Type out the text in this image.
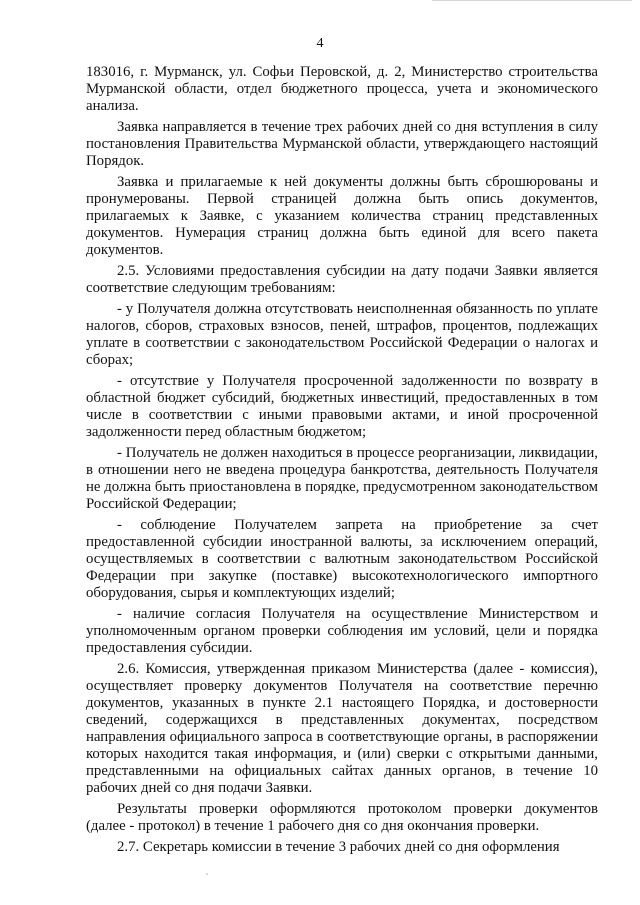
4

183016, г. Мурманск, ул. Софьи Перовской, д. 2, Министерство строительства Мурманской области, отдел бюджетного процесса, учета и экономического анализа.

Заявка направляется в течение трех рабочих дней со дня вступления в силу постановления Правительства Мурманской области, утверждающего настоящий Порядок.

Заявка и прилагаемые к ней документы должны быть сброшюрованы и пронумерованы. Первой страницей должна быть опись документов, прилагаемых к Заявке, с указанием количества страниц представленных документов. Нумерация страниц должна быть единой для всего пакета документов.

2.5. Условиями предоставления субсидии на дату подачи Заявки является соответствие следующим требованиям:

- у Получателя должна отсутствовать неисполненная обязанность по уплате налогов, сборов, страховых взносов, пеней, штрафов, процентов, подлежащих уплате в соответствии с законодательством Российской Федерации о налогах и сборах;

- отсутствие у Получателя просроченной задолженности по возврату в областной бюджет субсидий, бюджетных инвестиций, предоставленных в том числе в соответствии с иными правовыми актами, и иной просроченной задолженности перед областным бюджетом;

- Получатель не должен находиться в процессе реорганизации, ликвидации, в отношении него не введена процедура банкротства, деятельность Получателя не должна быть приостановлена в порядке, предусмотренном законодательством Российской Федерации;

- соблюдение Получателем запрета на приобретение за счет предоставленной субсидии иностранной валюты, за исключением операций, осуществляемых в соответствии с валютным законодательством Российской Федерации при закупке (поставке) высокотехнологического импортного оборудования, сырья и комплектующих изделий;

- наличие согласия Получателя на осуществление Министерством и уполномоченным органом проверки соблюдения им условий, цели и порядка предоставления субсидии.

2.6. Комиссия, утвержденная приказом Министерства (далее - комиссия), осуществляет проверку документов Получателя на соответствие перечню документов, указанных в пункте 2.1 настоящего Порядка, и достоверности сведений, содержащихся в представленных документах, посредством направления официального запроса в соответствующие органы, в распоряжении которых находится такая информация, и (или) сверки с открытыми данными, представленными на официальных сайтах данных органов, в течение 10 рабочих дней со дня подачи Заявки.

Результаты проверки оформляются протоколом проверки документов (далее - протокол) в течение 1 рабочего дня со дня окончания проверки.

2.7. Секретарь комиссии в течение 3 рабочих дней со дня оформления
